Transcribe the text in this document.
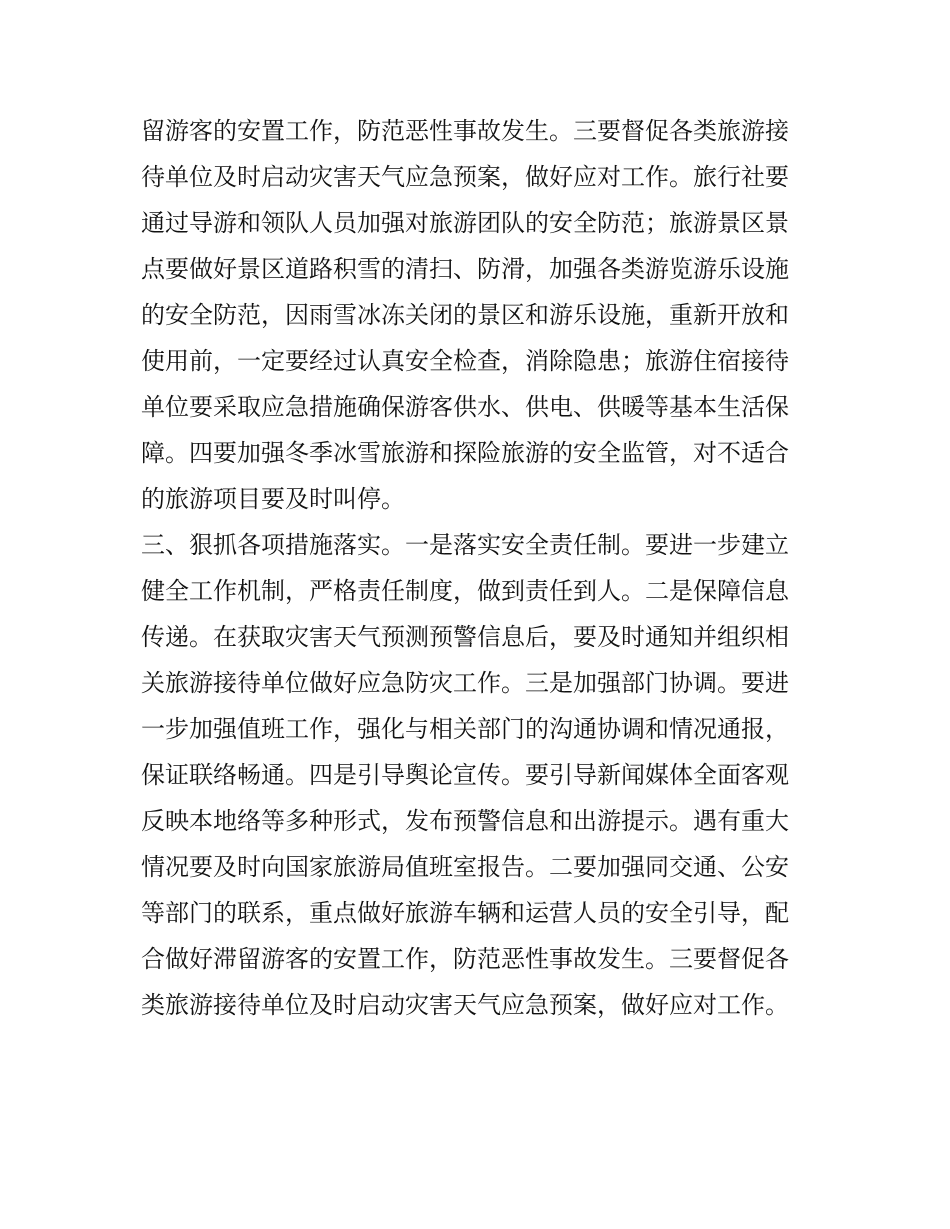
留游客的安置工作，防范恶性事故发生。三要督促各类旅游接
待单位及时启动灾害天气应急预案，做好应对工作。旅行社要
通过导游和领队人员加强对旅游团队的安全防范；旅游景区景
点要做好景区道路积雪的清扫、防滑，加强各类游览游乐设施
的安全防范，因雨雪冰冻关闭的景区和游乐设施，重新开放和
使用前，一定要经过认真安全检查，消除隐患；旅游住宿接待
单位要采取应急措施确保游客供水、供电、供暖等基本生活保
障。四要加强冬季冰雪旅游和探险旅游的安全监管，对不适合
的旅游项目要及时叫停。
三、狠抓各项措施落实。一是落实安全责任制。要进一步建立
健全工作机制，严格责任制度，做到责任到人。二是保障信息
传递。在获取灾害天气预测预警信息后，要及时通知并组织相
关旅游接待单位做好应急防灾工作。三是加强部门协调。要进
一步加强值班工作，强化与相关部门的沟通协调和情况通报，
保证联络畅通。四是引导舆论宣传。要引导新闻媒体全面客观
反映本地络等多种形式，发布预警信息和出游提示。遇有重大
情况要及时向国家旅游局值班室报告。二要加强同交通、公安
等部门的联系，重点做好旅游车辆和运营人员的安全引导，配
合做好滞留游客的安置工作，防范恶性事故发生。三要督促各
类旅游接待单位及时启动灾害天气应急预案，做好应对工作。
